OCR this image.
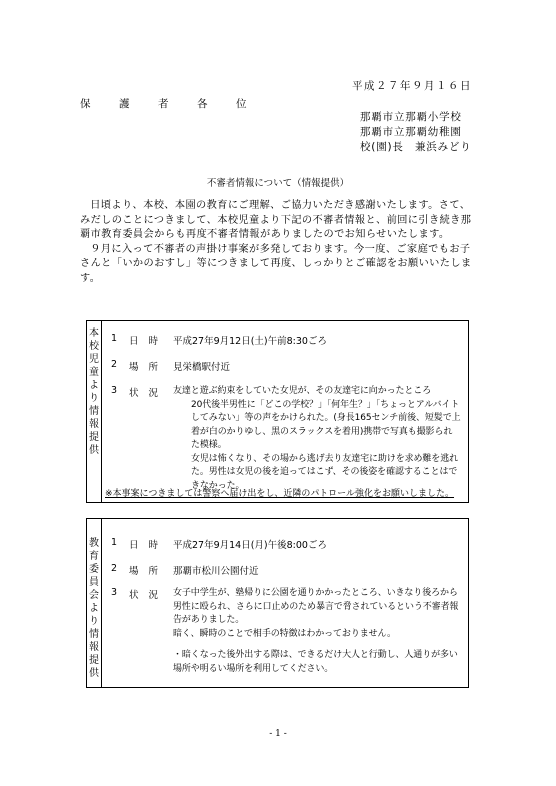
平成２７年９月１６日
保　護　者　各　位
那覇市立那覇小学校
那覇市立那覇幼稚園
校(園)長　兼浜みどり
不審者情報について（情報提供）

日頃より、本校、本園の教育にご理解、ご協力いただき感謝いたします。さて、みだしのことにつきまして、本校児童より下記の不審者情報と、前回に引き続き那覇市教育委員会からも再度不審者情報がありましたのでお知らせいたします。

９月に入って不審者の声掛け事案が多発しております。今一度、ご家庭でもお子さんと「いかのおすし」等につきまして再度、しっかりとご確認をお願いいたします。

本校児童より情報提供
1 日時 平成27年9月12日(土)午前8:30ごろ
2 場所 見栄橋駅付近
3 状況 友達と遊ぶ約束をしていた女児が、その友達宅に向かったところ

20代後半男性に「どこの学校？」「何年生？」「ちょっとアルバイトしてみない」等の声をかけられた。(身長165センチ前後、短髪で上着が白のかりゆし、黒のスラックスを着用)携帯で写真も撮影られた模様。

女児は怖くなり、その場から逃げ去り友達宅に助けを求め難を逃れた。男性は女児の後を追ってはこず、その後姿を確認することはできなかった。

※本事案につきましては警察へ届け出をし、近隣のパトロール強化をお願いしました。
教育委員会より情報提供
1 日時 平成27年9月14日(月)午後8:00ごろ
2 場所 那覇市松川公園付近
3 状況 女子中学生が、塾帰りに公園を通りかかったところ、いきなり後ろから男性に殴られ、さらに口止めのため暴言で脅されているという不審者報告がありました。

暗く、瞬時のことで相手の特徴はわかっておりません。

・暗くなった後外出する際は、できるだけ大人と行動し、人通りが多い場所や明るい場所を利用してください。

- 1 -
